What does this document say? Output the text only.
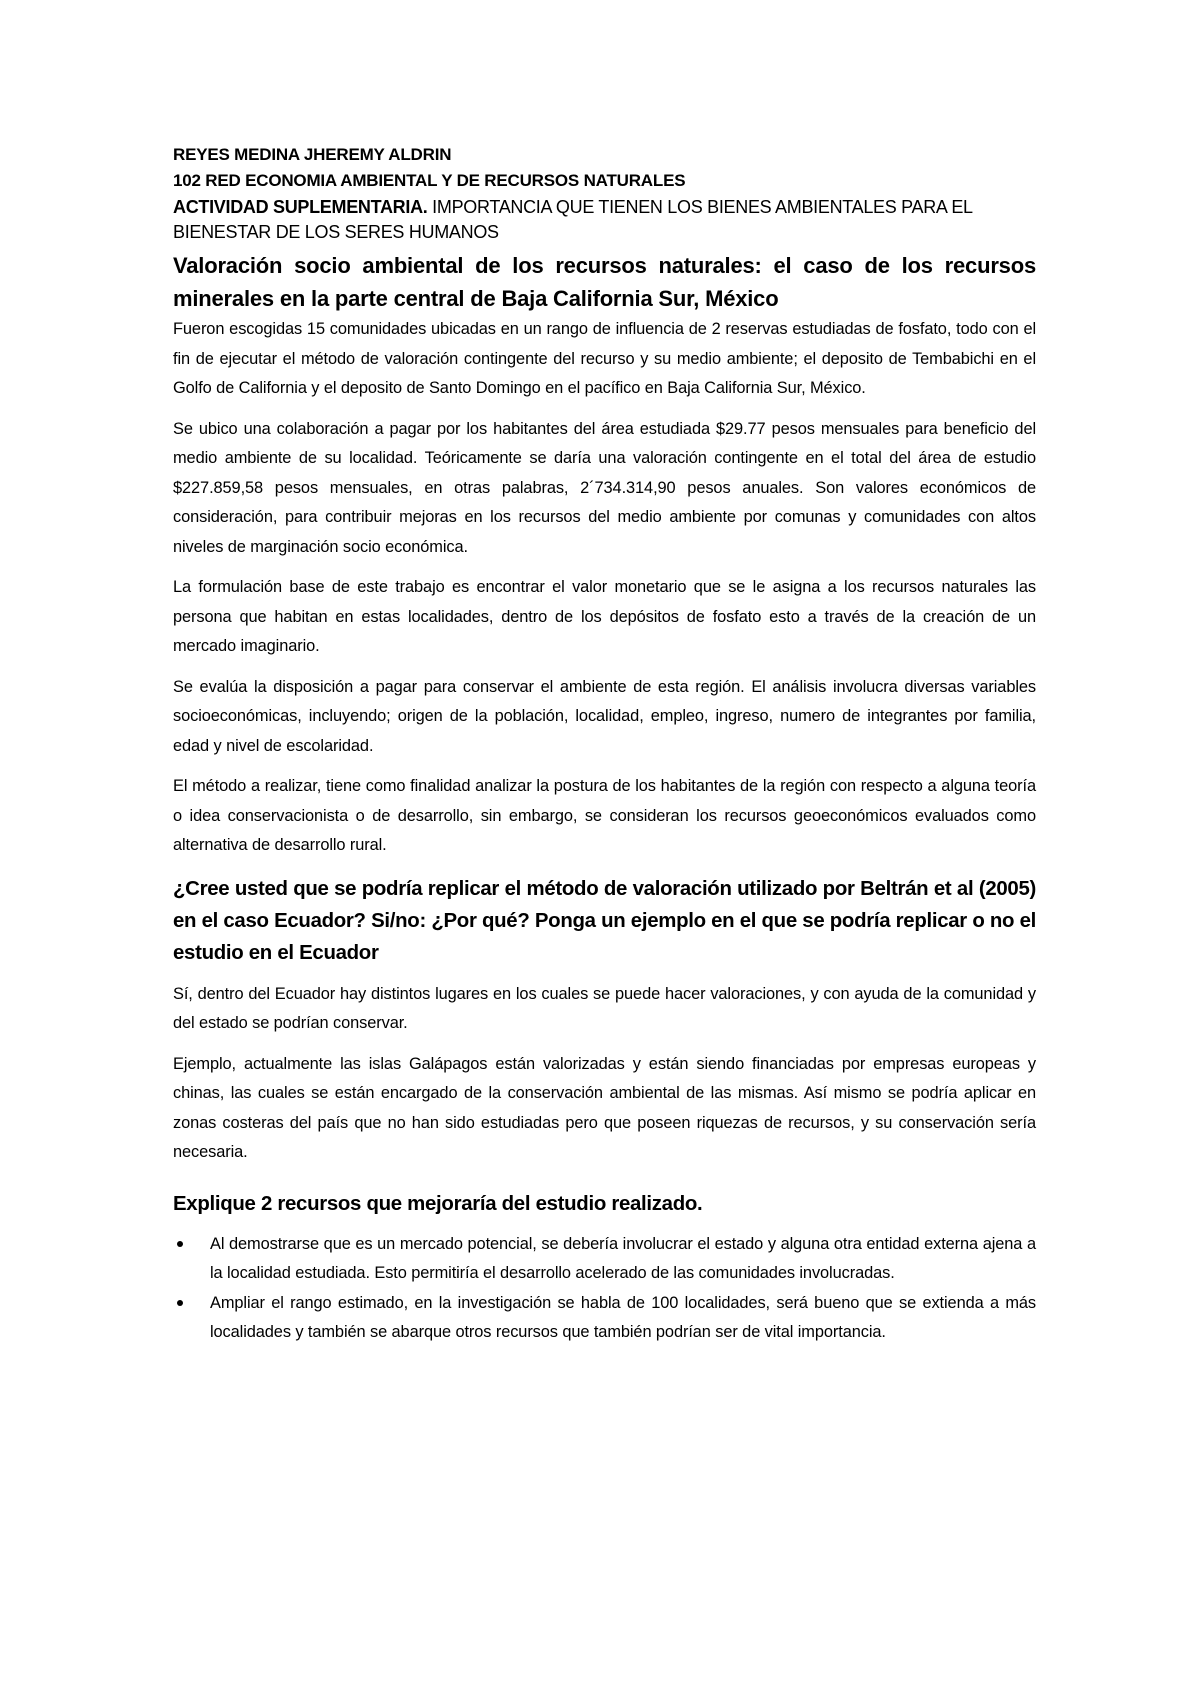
REYES MEDINA JHEREMY ALDRIN
102 RED ECONOMIA AMBIENTAL Y DE RECURSOS NATURALES
ACTIVIDAD SUPLEMENTARIA. IMPORTANCIA QUE TIENEN LOS BIENES AMBIENTALES PARA EL BIENESTAR DE LOS SERES HUMANOS
Valoración socio ambiental de los recursos naturales: el caso de los recursos minerales en la parte central de Baja California Sur, México

Fueron escogidas 15 comunidades ubicadas en un rango de influencia de 2 reservas estudiadas de fosfato, todo con el fin de ejecutar el método de valoración contingente del recurso y su medio ambiente; el deposito de Tembabichi en el Golfo de California y el deposito de Santo Domingo en el pacífico en Baja California Sur, México.

Se ubico una colaboración a pagar por los habitantes del área estudiada $29.77 pesos mensuales para beneficio del medio ambiente de su localidad. Teóricamente se daría una valoración contingente en el total del área de estudio $227.859,58 pesos mensuales, en otras palabras, 2´734.314,90 pesos anuales. Son valores económicos de consideración, para contribuir mejoras en los recursos del medio ambiente por comunas y comunidades con altos niveles de marginación socio económica.

La formulación base de este trabajo es encontrar el valor monetario que se le asigna a los recursos naturales las persona que habitan en estas localidades, dentro de los depósitos de fosfato esto a través de la creación de un mercado imaginario.

Se evalúa la disposición a pagar para conservar el ambiente de esta región. El análisis involucra diversas variables socioeconómicas, incluyendo; origen de la población, localidad, empleo, ingreso, numero de integrantes por familia, edad y nivel de escolaridad.

El método a realizar, tiene como finalidad analizar la postura de los habitantes de la región con respecto a alguna teoría o idea conservacionista o de desarrollo, sin embargo, se consideran los recursos geoeconómicos evaluados como alternativa de desarrollo rural.

¿Cree usted que se podría replicar el método de valoración utilizado por Beltrán et al (2005) en el caso Ecuador? Si/no: ¿Por qué? Ponga un ejemplo en el que se podría replicar o no el estudio en el Ecuador

Sí, dentro del Ecuador hay distintos lugares en los cuales se puede hacer valoraciones, y con ayuda de la comunidad y del estado se podrían conservar.

Ejemplo, actualmente las islas Galápagos están valorizadas y están siendo financiadas por empresas europeas y chinas, las cuales se están encargado de la conservación ambiental de las mismas. Así mismo se podría aplicar en zonas costeras del país que no han sido estudiadas pero que poseen riquezas de recursos, y su conservación sería necesaria.

Explique 2 recursos que mejoraría del estudio realizado.
Al demostrarse que es un mercado potencial, se debería involucrar el estado y alguna otra entidad externa ajena a la localidad estudiada. Esto permitiría el desarrollo acelerado de las comunidades involucradas.
Ampliar el rango estimado, en la investigación se habla de 100 localidades, será bueno que se extienda a más localidades y también se abarque otros recursos que también podrían ser de vital importancia.
